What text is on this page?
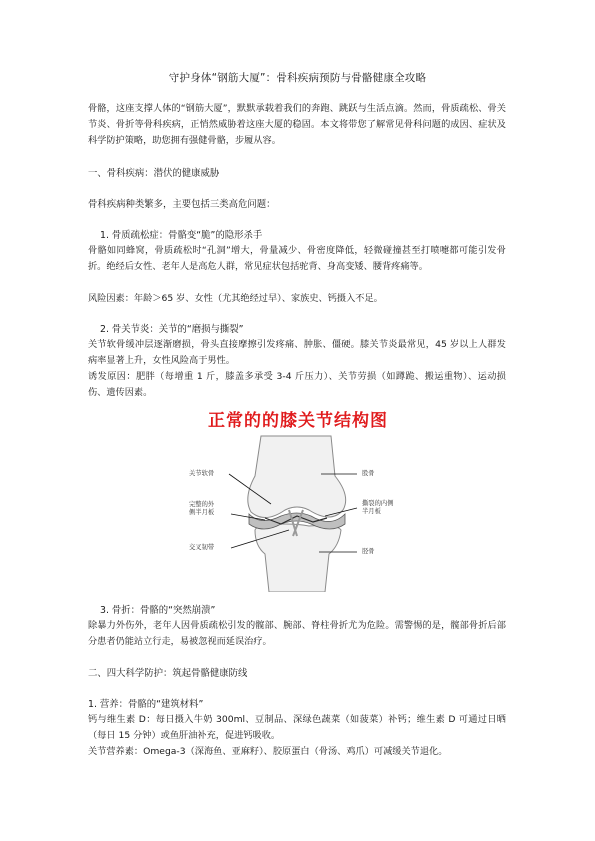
守护身体“钢筋大厦”：骨科疾病预防与骨骼健康全攻略
骨骼，这座支撑人体的“钢筋大厦”，默默承载着我们的奔跑、跳跃与生活点滴。然而，骨质疏松、骨关节炎、骨折等骨科疾病，正悄然威胁着这座大厦的稳固。本文将带您了解常见骨科问题的成因、症状及科学防护策略，助您拥有强健骨骼，步履从容。
一、骨科疾病：潜伏的健康威胁
骨科疾病种类繁多，主要包括三类高危问题：
1. 骨质疏松症：骨骼变“脆”的隐形杀手
骨骼如同蜂窝，骨质疏松时“孔洞”增大，骨量减少、骨密度降低，轻微碰撞甚至打喷嚏都可能引发骨折。绝经后女性、老年人是高危人群，常见症状包括驼背、身高变矮、腰背疼痛等。
风险因素：年龄＞65 岁、女性（尤其绝经过早）、家族史、钙摄入不足。
2. 骨关节炎：关节的“磨损与撕裂”
关节软骨缓冲层逐渐磨损，骨头直接摩擦引发疼痛、肿胀、僵硬。膝关节炎最常见，45 岁以上人群发病率显著上升，女性风险高于男性。
诱发原因：肥胖（每增重 1 斤，膝盖多承受 3-4 斤压力）、关节劳损（如蹲跪、搬运重物）、运动损伤、遗传因素。
正常的的膝关节结构图
关节软骨
完整的外
侧半月板
交叉韧带
股骨
撕裂的内侧
半月板
胫骨
3. 骨折：骨骼的“突然崩溃”
除暴力外伤外，老年人因骨质疏松引发的髋部、腕部、脊柱骨折尤为危险。需警惕的是，髋部骨折后部分患者仍能站立行走，易被忽视而延误治疗。
二、四大科学防护：筑起骨骼健康防线
1. 营养：骨骼的“建筑材料”
钙与维生素 D：每日摄入牛奶 300ml、豆制品、深绿色蔬菜（如菠菜）补钙；维生素 D 可通过日晒（每日 15 分钟）或鱼肝油补充，促进钙吸收。
关节营养素：Omega-3（深海鱼、亚麻籽）、胶原蛋白（骨汤、鸡爪）可减缓关节退化。
